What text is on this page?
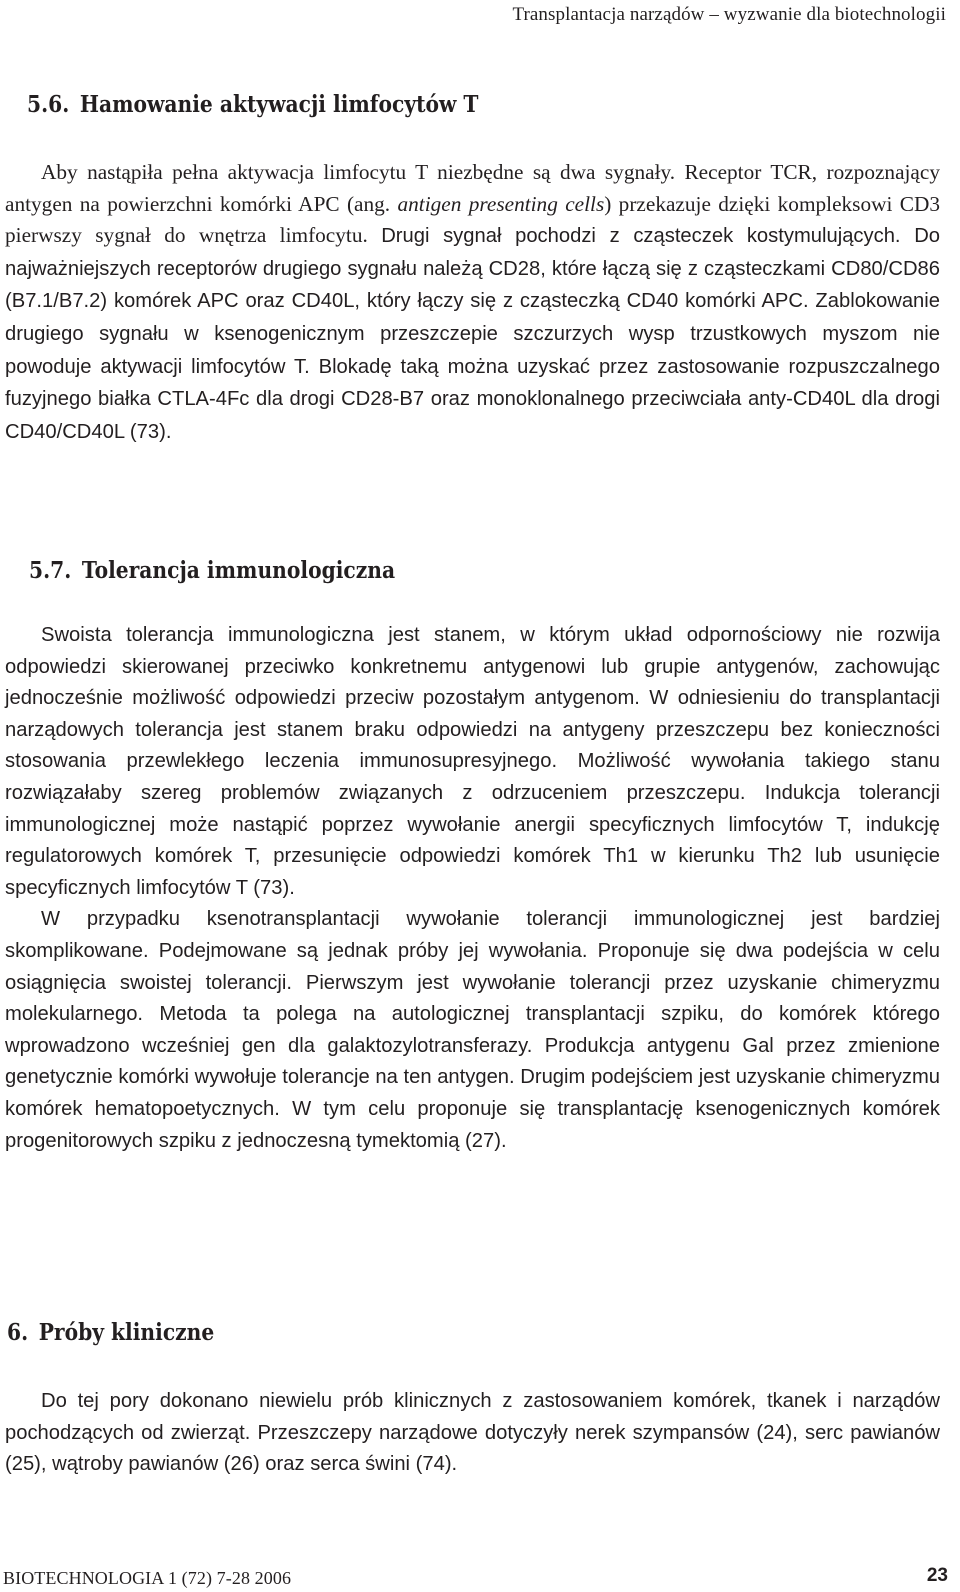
Transplantacja narządów – wyzwanie dla biotechnologii
5.6. Hamowanie aktywacji limfocytów T

Aby nastąpiła pełna aktywacja limfocytu T niezbędne są dwa sygnały. Receptor TCR, rozpoznający antygen na powierzchni komórki APC (ang. antigen presenting cells) przekazuje dzięki kompleksowi CD3 pierwszy sygnał do wnętrza limfocytu. Drugi sygnał pochodzi z cząsteczek kostymulujących. Do najważniejszych receptorów drugiego sygnału należą CD28, które łączą się z cząsteczkami CD80/CD86 (B7.1/B7.2) komórek APC oraz CD40L, który łączy się z cząsteczką CD40 komórki APC. Zablokowanie drugiego sygnału w ksenogenicznym przeszczepie szczurzych wysp trzustkowych myszom nie powoduje aktywacji limfocytów T. Blokadę taką można uzyskać przez zastosowanie rozpuszczalnego fuzyjnego białka CTLA-4Fc dla drogi CD28-B7 oraz monoklonalnego przeciwciała anty-CD40L dla drogi CD40/CD40L (73).

5.7. Tolerancja immunologiczna

Swoista tolerancja immunologiczna jest stanem, w którym układ odpornościowy nie rozwija odpowiedzi skierowanej przeciwko konkretnemu antygenowi lub grupie antygenów, zachowując jednocześnie możliwość odpowiedzi przeciw pozostałym antygenom. W odniesieniu do transplantacji narządowych tolerancja jest stanem braku odpowiedzi na antygeny przeszczepu bez konieczności stosowania przewlekłego leczenia immunosupresyjnego. Możliwość wywołania takiego stanu rozwiązałaby szereg problemów związanych z odrzuceniem przeszczepu. Indukcja tolerancji immunologicznej może nastąpić poprzez wywołanie anergii specyficznych limfocytów T, indukcję regulatorowych komórek T, przesunięcie odpowiedzi komórek Th1 w kierunku Th2 lub usunięcie specyficznych limfocytów T (73).

W przypadku ksenotransplantacji wywołanie tolerancji immunologicznej jest bardziej skomplikowane. Podejmowane są jednak próby jej wywołania. Proponuje się dwa podejścia w celu osiągnięcia swoistej tolerancji. Pierwszym jest wywołanie tolerancji przez uzyskanie chimeryzmu molekularnego. Metoda ta polega na autologicznej transplantacji szpiku, do komórek którego wprowadzono wcześniej gen dla galaktozylotransferazy. Produkcja antygenu Gal przez zmienione genetycznie komórki wywołuje tolerancje na ten antygen. Drugim podejściem jest uzyskanie chimeryzmu komórek hematopoetycznych. W tym celu proponuje się transplantację ksenogenicznych komórek progenitorowych szpiku z jednoczesną tymektomią (27).

6. Próby kliniczne

Do tej pory dokonano niewielu prób klinicznych z zastosowaniem komórek, tkanek i narządów pochodzących od zwierząt. Przeszczepy narządowe dotyczyły nerek szympansów (24), serc pawianów (25), wątroby pawianów (26) oraz serca świni (74).

BIOTECHNOLOGIA 1 (72) 7-28 2006	23
